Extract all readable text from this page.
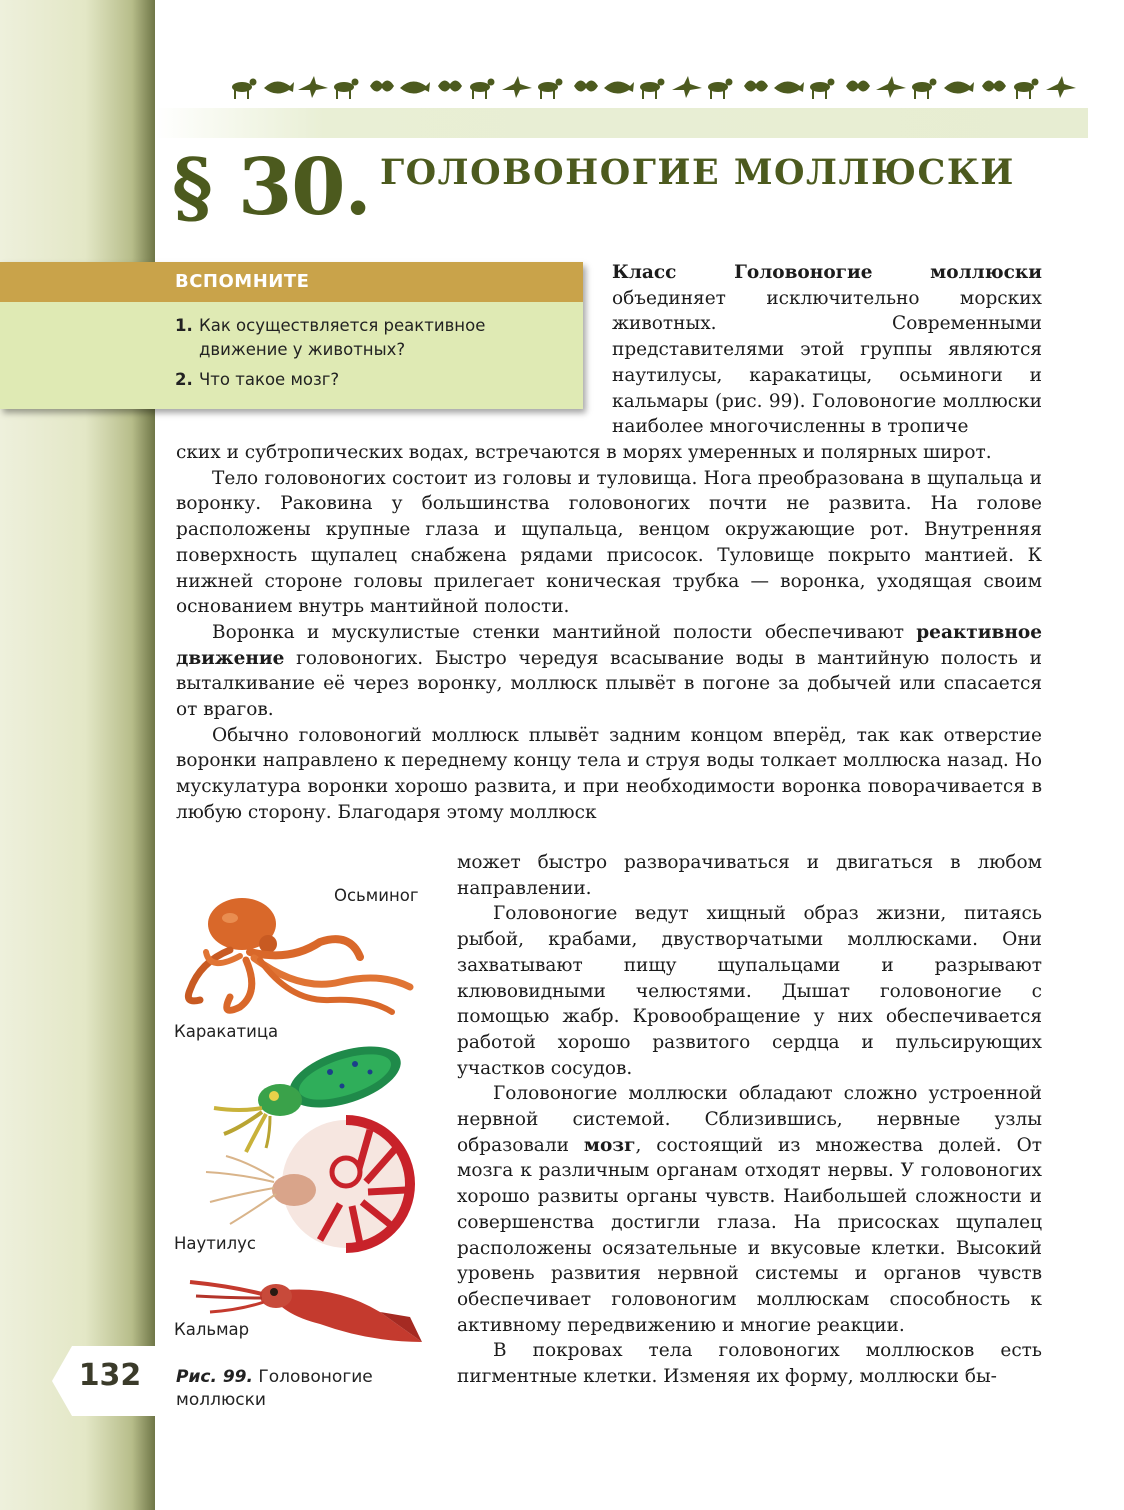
§ 30. ГОЛОВОНОГИЕ МОЛЛЮСКИ
ВСПОМНИТЕ
1. Как осуществляется реактивное движение у животных?
2. Что такое мозг?

Класс Головоногие моллюски объединяет исключительно морских животных. Современными представителями этой группы являются наутилусы, каракатицы, осьминоги и кальмары (рис. 99). Головоногие моллюски наиболее многочисленны в тропиче

ских и субтропических водах, встречаются в морях умеренных и полярных широт.

Тело головоногих состоит из головы и туловища. Нога преобразована в щупальца и воронку. Раковина у большинства головоногих почти не развита. На голове расположены крупные глаза и щупальца, венцом окружающие рот. Внутренняя поверхность щупалец снабжена рядами присосок. Туловище покрыто мантией. К нижней стороне головы прилегает коническая трубка — воронка, уходящая своим основанием внутрь мантийной полости.

Воронка и мускулистые стенки мантийной полости обеспечивают реактивное движение головоногих. Быстро чередуя всасывание воды в мантийную полость и выталкивание её через воронку, моллюск плывёт в погоне за добычей или спасается от врагов.

Обычно головоногий моллюск плывёт задним концом вперёд, так как отверстие воронки направлено к переднему концу тела и струя воды толкает моллюска назад. Но мускулатура воронки хорошо развита, и при необходимости воронка поворачивается в любую сторону. Благодаря этому моллюск

может быстро разворачиваться и двигаться в любом направлении.

Головоногие ведут хищный образ жизни, питаясь рыбой, крабами, двустворчатыми моллюсками. Они захватывают пищу щупальцами и разрывают клювовидными челюстями. Дышат головоногие с помощью жабр. Кровообращение у них обеспечивается работой хорошо развитого сердца и пульсирующих участков сосудов.

Головоногие моллюски обладают сложно устроенной нервной системой. Сблизившись, нервные узлы образовали мозг, состоящий из множества долей. От мозга к различным органам отходят нервы. У головоногих хорошо развиты органы чувств. Наибольшей сложности и совершенства достигли глаза. На присосках щупалец расположены осязательные и вкусовые клетки. Высокий уровень развития нервной системы и органов чувств обеспечивает головоногим моллюскам способность к активному передвижению и многие реакции.

В покровах тела головоногих моллюсков есть пигментные клетки. Изменяя их форму, моллюски бы-

Осьминог
Каракатица
Наутилус
Кальмар
Рис. 99. Головоногие моллюски
132
